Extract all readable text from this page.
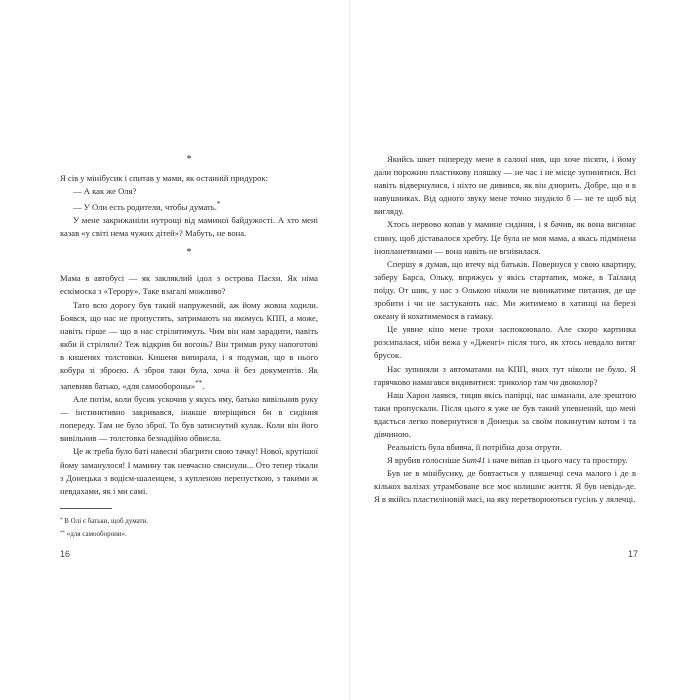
*

Я сів у мінібусик і спитав у мами, як останній придурок:

— А как же Оля?

— У Оли есть родители, чтобы думать.*

У мене закрижаніли нутрощі від маминої байдужості. А хто мені казав «у світі нема чужих дітей»? Мабуть, не вона.

*

Мама в автобусі — як закляклий ідол з острова Пасхи. Як німа ескімоска з «Терору». Таке взагалі можливо?

Тато всю дорогу був такий напружений, аж йому жовна ходили. Боявся, що нас не пропустять, затримають на якомусь КПП, а може, навіть гірше — що в нас стрілятимуть. Чим він нам зарадити, навіть якби й стріляли? Теж відкрив би вогонь? Він тримав руку напоготові в кишенях толстовки. Кишеня випирала, і я подумав, що в нього кобура зі зброєю. А зброя таки була, хоча й без документів. Як запевняв батько, «для самообороны»**.

Але потім, коли бусик ускочив у якусь яму, батько вивільнив руку — інстинктивно закривався, інакше вперіщився би в сидіння попереду. Там не було зброї. То був затиснутий кулак. Коли він його вивільнив — толстовка безнадійно обвисла.

Це ж треба було баті навесні збагрити свою тачку! Нової, крутішої йому заманулося! І мамину так невчасно свиснули... Ото тепер тікали з Донецька з водієм-шаленцем, з купленою перепусткою, з такими ж невдахами, як і ми самі.

* В Олі є батьки, щоб думати.

** «для самооборони».

16

Якийсь шкет попереду мене в салоні нив, що хоче пісяти, і йому дали порожню пластикову пляшку — не час і не місце зупинятися. Всі навіть відвернулися, і ніхто не дивився, як він дзюрить. Добре, що я в навушниках. Від одного звуку мене точно знудило б — не те щоб від вигляду.

Хтось нервово копав у мамине сидіння, і я бачив, як вона вигинає спину, щоб діставалося хребту. Це була не моя мама, а якась підмінена інопланетянами — вона навіть не вгнівилася.

Спершу я думав, що втечу від батьків. Повернуся у свою квартиру, заберу Барса, Ольку, впряжусь у якісь стартапик, може, в Таїланд поїду. От шик, у нас з Олькою ніколи не виникатиме питання, де ще зробити і чи не застукають нас. Ми житимемо в хатинці на березі океану й кохатимемося в гамаку.

Це уявне кіно мене трохи заспокоювало. Але скоро картинка розсипалася, ніби вежа у «Дженгі» після того, як хтось невдало витяг брусок.

Нас зупиняли з автоматами на КПП, яких тут ніколи не було. Я гарячково намагався видивитися: триколор там чи двоколор?

Наш Харон лаявся, тицяв якісь папірці, нас шманали, але зрештою таки пропускали. Після цього я уже не був такий упевнений, що мені вдасться легко повернутися в Донецьк за своїм покинутим котом і та дівчиною.

Реальність була вбивча, її потрібна доза отрути.

Я врубив голосніше Sum41 і наче випав із цього часу та простору.

Був не в мінібусику, де бовтається у пляшечці сеча малого і де в кількох валізах утрамбоване все моє колишнє життя. Я був невідь-де. Я в якійсь пластиліновій масі, на яку перетворюються гусінь у лялечці.

17
